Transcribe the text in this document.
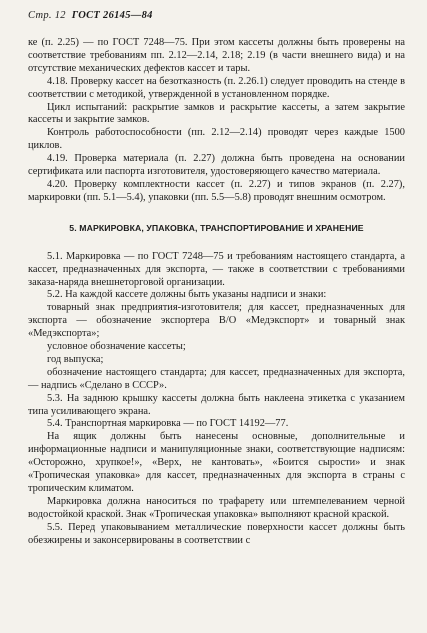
Стр. 12 ГОСТ 26145—84

ке (п. 2.25) — по ГОСТ 7248—75. При этом кассеты должны быть проверены на соответствие требованиям пп. 2.12—2.14, 2.18; 2.19 (в части внешнего вида) и на отсутствие механических дефектов кассет и тары.

4.18. Проверку кассет на безотказность (п. 2.26.1) следует проводить на стенде в соответствии с методикой, утвержденной в установленном порядке.

Цикл испытаний: раскрытие замков и раскрытие кассеты, а затем закрытие кассеты и закрытие замков.

Контроль работоспособности (пп. 2.12—2.14) проводят через каждые 1500 циклов.

4.19. Проверка материала (п. 2.27) должна быть проведена на основании сертификата или паспорта изготовителя, удостоверяющего качество материала.

4.20. Проверку комплектности кассет (п. 2.27) и типов экранов (п. 2.27), маркировки (пп. 5.1—5.4), упаковки (пп. 5.5—5.8) проводят внешним осмотром.

5. МАРКИРОВКА, УПАКОВКА, ТРАНСПОРТИРОВАНИЕ И ХРАНЕНИЕ

5.1. Маркировка — по ГОСТ 7248—75 и требованиям настоящего стандарта, а кассет, предназначенных для экспорта, — также в соответствии с требованиями заказа-наряда внешнеторговой организации.

5.2. На каждой кассете должны быть указаны надписи и знаки:

товарный знак предприятия-изготовителя; для кассет, предназначенных для экспорта — обозначение экспортера В/О «Медэкспорт» и товарный знак «Медэкспорта»;

условное обозначение кассеты;

год выпуска;

обозначение настоящего стандарта; для кассет, предназначенных для экспорта, — надпись «Сделано в СССР».

5.3. На заднюю крышку кассеты должна быть наклеена этикетка с указанием типа усиливающего экрана.

5.4. Транспортная маркировка — по ГОСТ 14192—77.

На ящик должны быть нанесены основные, дополнительные и информационные надписи и манипуляционные знаки, соответствующие надписям: «Осторожно, хрупкое!», «Верх, не кантовать», «Боится сырости» и знак «Тропическая упаковка» для кассет, предназначенных для экспорта в страны с тропическим климатом.

Маркировка должна наноситься по трафарету или штемпелеванием черной водостойкой краской. Знак «Тропическая упаковка» выполняют красной краской.

5.5. Перед упаковыванием металлические поверхности кассет должны быть обезжирены и законсервированы в соответствии с
